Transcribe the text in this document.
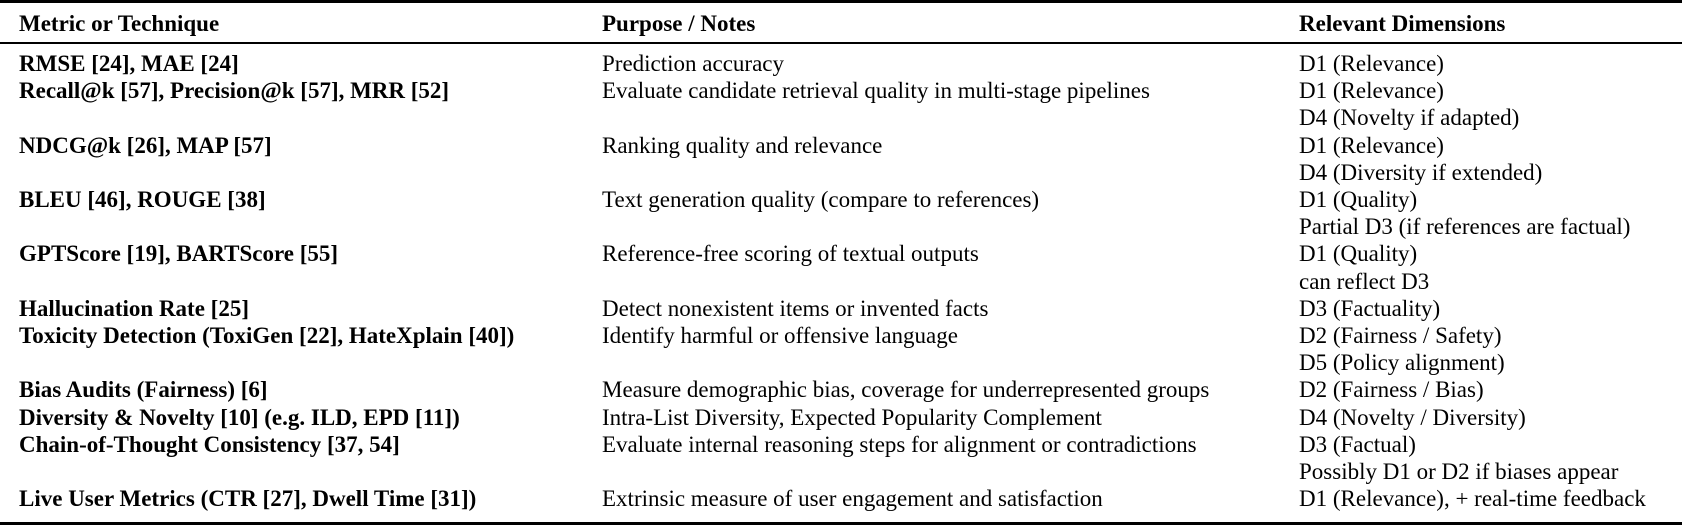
Metric or Technique	Purpose / Notes	Relevant Dimensions
RMSE [24], MAE [24]	Prediction accuracy	D1 (Relevance)

Recall@k [57], Precision@k [57], MRR [52]	Evaluate candidate retrieval quality in multi-stage pipelines	D1 (Relevance)
D4 (Novelty if adapted)

NDCG@k [26], MAP [57]	Ranking quality and relevance	D1 (Relevance)
D4 (Diversity if extended)

BLEU [46], ROUGE [38]	Text generation quality (compare to references)	D1 (Quality)
Partial D3 (if references are factual)

GPTScore [19], BARTScore [55]	Reference-free scoring of textual outputs	D1 (Quality)
can reflect D3

Hallucination Rate [25]	Detect nonexistent items or invented facts	D3 (Factuality)

Toxicity Detection (ToxiGen [22], HateXplain [40])	Identify harmful or offensive language	D2 (Fairness / Safety)
D5 (Policy alignment)

Bias Audits (Fairness) [6]	Measure demographic bias, coverage for underrepresented groups	D2 (Fairness / Bias)

Diversity & Novelty [10] (e.g. ILD, EPD [11])	Intra-List Diversity, Expected Popularity Complement	D4 (Novelty / Diversity)

Chain-of-Thought Consistency [37, 54]	Evaluate internal reasoning steps for alignment or contradictions	D3 (Factual)
Possibly D1 or D2 if biases appear

Live User Metrics (CTR [27], Dwell Time [31])	Extrinsic measure of user engagement and satisfaction	D1 (Relevance), + real-time feedback
